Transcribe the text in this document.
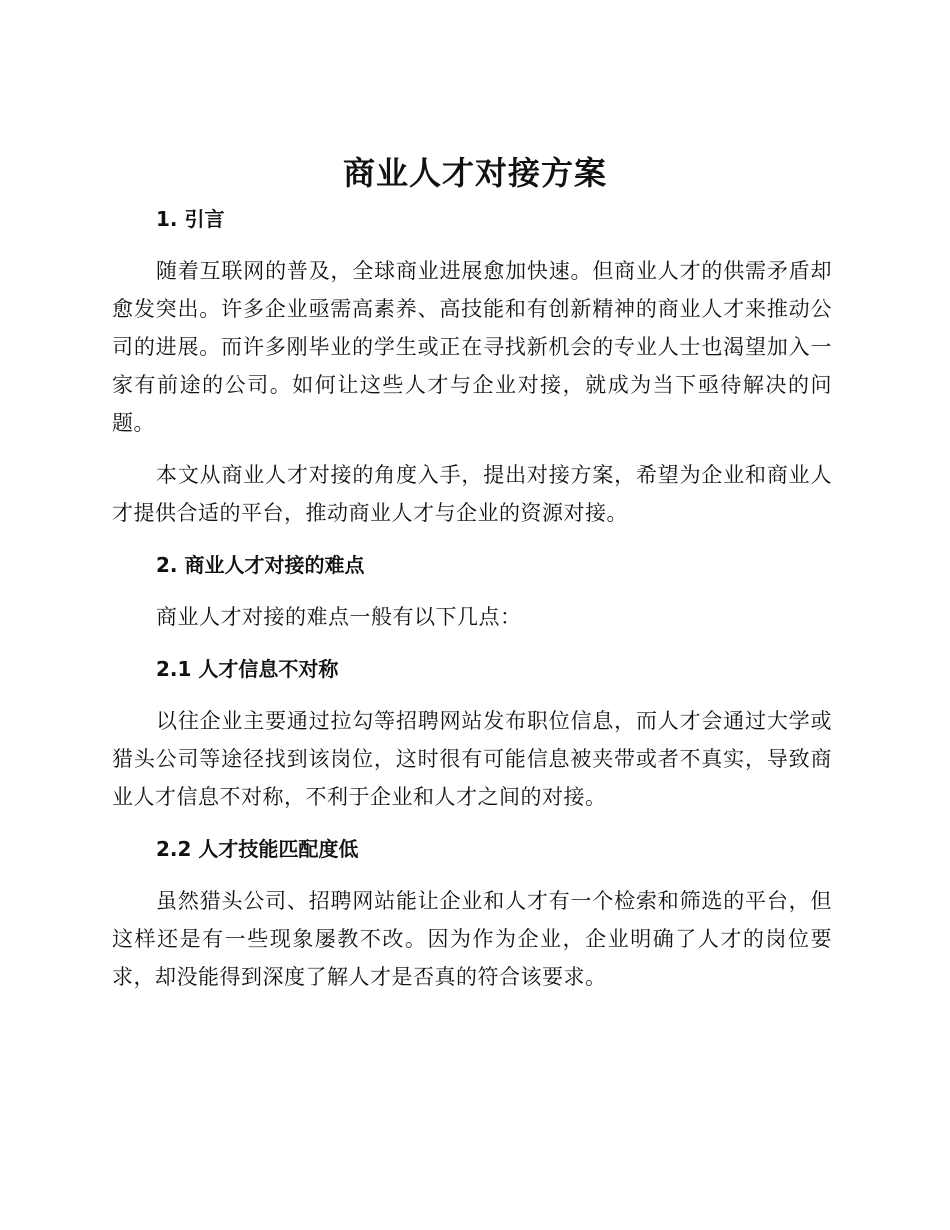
商业人才对接方案
1. 引言

随着互联网的普及，全球商业进展愈加快速。但商业人才的供需矛盾却愈发突出。许多企业亟需高素养、高技能和有创新精神的商业人才来推动公司的进展。而许多刚毕业的学生或正在寻找新机会的专业人士也渴望加入一家有前途的公司。如何让这些人才与企业对接，就成为当下亟待解决的问题。

本文从商业人才对接的角度入手，提出对接方案，希望为企业和商业人才提供合适的平台，推动商业人才与企业的资源对接。

2. 商业人才对接的难点

商业人才对接的难点一般有以下几点：

2.1 人才信息不对称

以往企业主要通过拉勾等招聘网站发布职位信息，而人才会通过大学或猎头公司等途径找到该岗位，这时很有可能信息被夹带或者不真实，导致商业人才信息不对称，不利于企业和人才之间的对接。

2.2 人才技能匹配度低

虽然猎头公司、招聘网站能让企业和人才有一个检索和筛选的平台，但这样还是有一些现象屡教不改。因为作为企业，企业明确了人才的岗位要求，却没能得到深度了解人才是否真的符合该要求。
